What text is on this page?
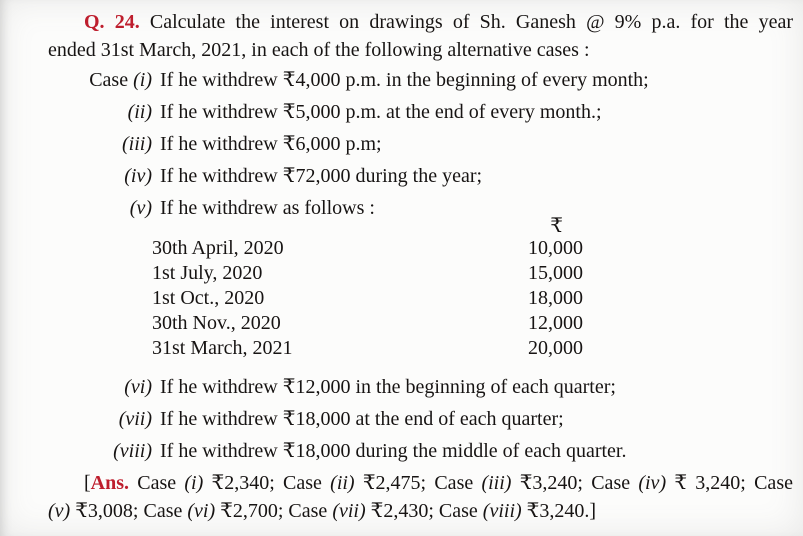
Q. 24. Calculate the interest on drawings of Sh. Ganesh @ 9% p.a. for the year
ended 31st March, 2021, in each of the following alternative cases :
Case (i) If he withdrew ₹4,000 p.m. in the beginning of every month;
(ii) If he withdrew ₹5,000 p.m. at the end of every month.;
(iii) If he withdrew ₹6,000 p.m;
(iv) If he withdrew ₹72,000 during the year;
(v) If he withdrew as follows :
₹
30th April, 2020	10,000
1st July, 2020	15,000
1st Oct., 2020	18,000
30th Nov., 2020	12,000
31st March, 2021	20,000
(vi) If he withdrew ₹12,000 in the beginning of each quarter;
(vii) If he withdrew ₹18,000 at the end of each quarter;
(viii) If he withdrew ₹18,000 during the middle of each quarter.
[Ans. Case (i) ₹2,340; Case (ii) ₹2,475; Case (iii) ₹3,240; Case (iv) ₹ 3,240; Case
(v) ₹3,008; Case (vi) ₹2,700; Case (vii) ₹2,430; Case (viii) ₹3,240.]
